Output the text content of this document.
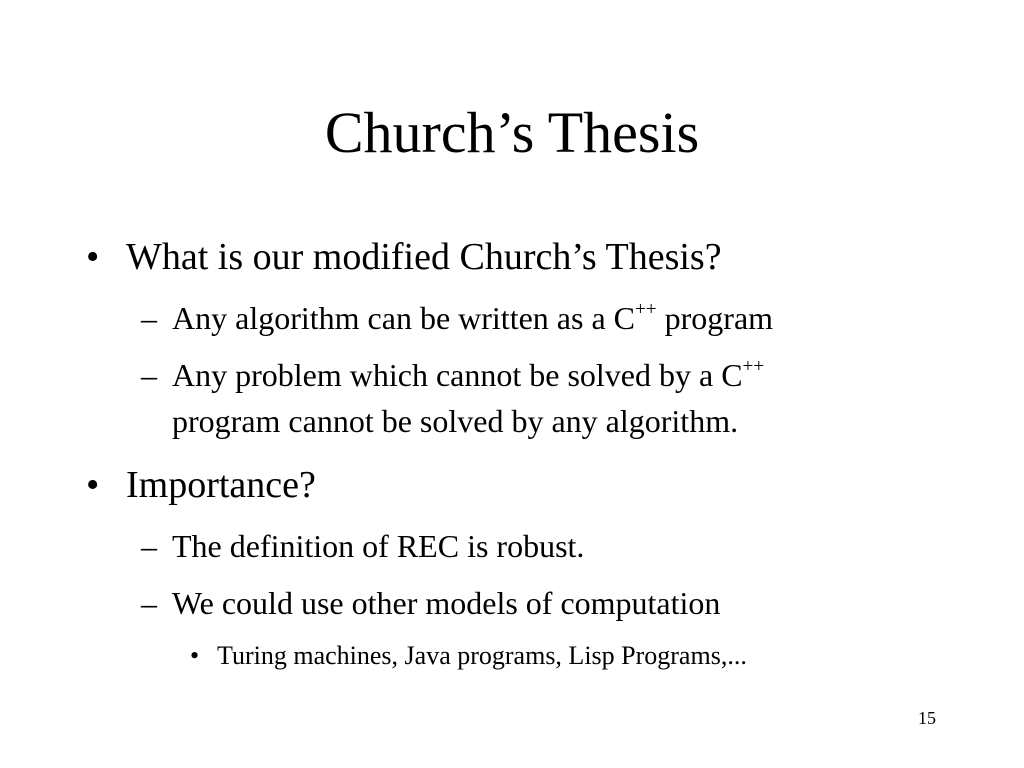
Church’s Thesis
• What is our modified Church’s Thesis?
– Any algorithm can be written as a C++ program
– Any problem which cannot be solved by a C++
program cannot be solved by any algorithm.
• Importance?
– The definition of REC is robust.
– We could use other models of computation
• Turing machines, Java programs, Lisp Programs,...
15
